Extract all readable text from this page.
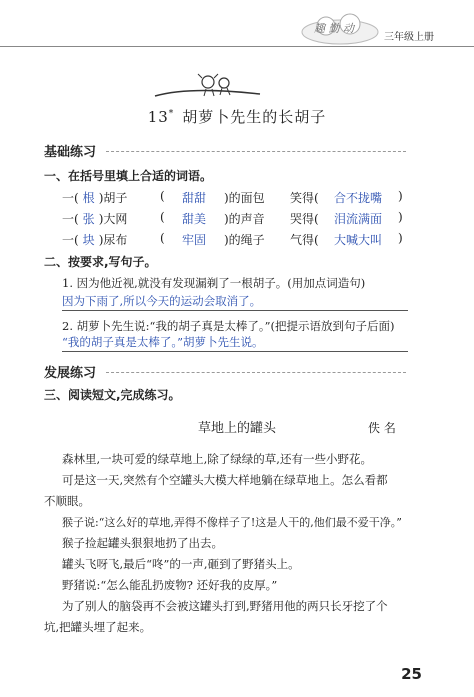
趣 勤 动
三年级上册
13* 胡萝卜先生的长胡子
基础练习
一、在括号里填上合适的词语。
一( 根 )胡子	( 甜甜 )的面包 笑得( 合不拢嘴 )
一( 张 )大网	( 甜美 )的声音 哭得( 泪流满面 )
一( 块 )尿布	( 牢固 )的绳子 气得( 大喊大叫 )
二、按要求,写句子。
1. 因为他近视,就没有发现漏剃了一根胡子。(用加点词造句)
因为下雨了,所以今天的运动会取消了。
2. 胡萝卜先生说:“我的胡子真是太棒了。”(把提示语放到句子后面)
“我的胡子真是太棒了。”胡萝卜先生说。
发展练习
三、阅读短文,完成练习。
草地上的罐头	佚 名
森林里,一块可爱的绿草地上,除了绿绿的草,还有一些小野花。
可是这一天,突然有个空罐头大模大样地躺在绿草地上。怎么看都
不顺眼。
猴子说:“这么好的草地,弄得不像样子了!这是人干的,他们最不爱干净。”
猴子捡起罐头狠狠地扔了出去。
罐头飞呀飞,最后“咚”的一声,砸到了野猪头上。
野猪说:“怎么能乱扔废物? 还好我的皮厚。”
为了别人的脑袋再不会被这罐头打到,野猪用他的两只长牙挖了个
坑,把罐头埋了起来。
25
